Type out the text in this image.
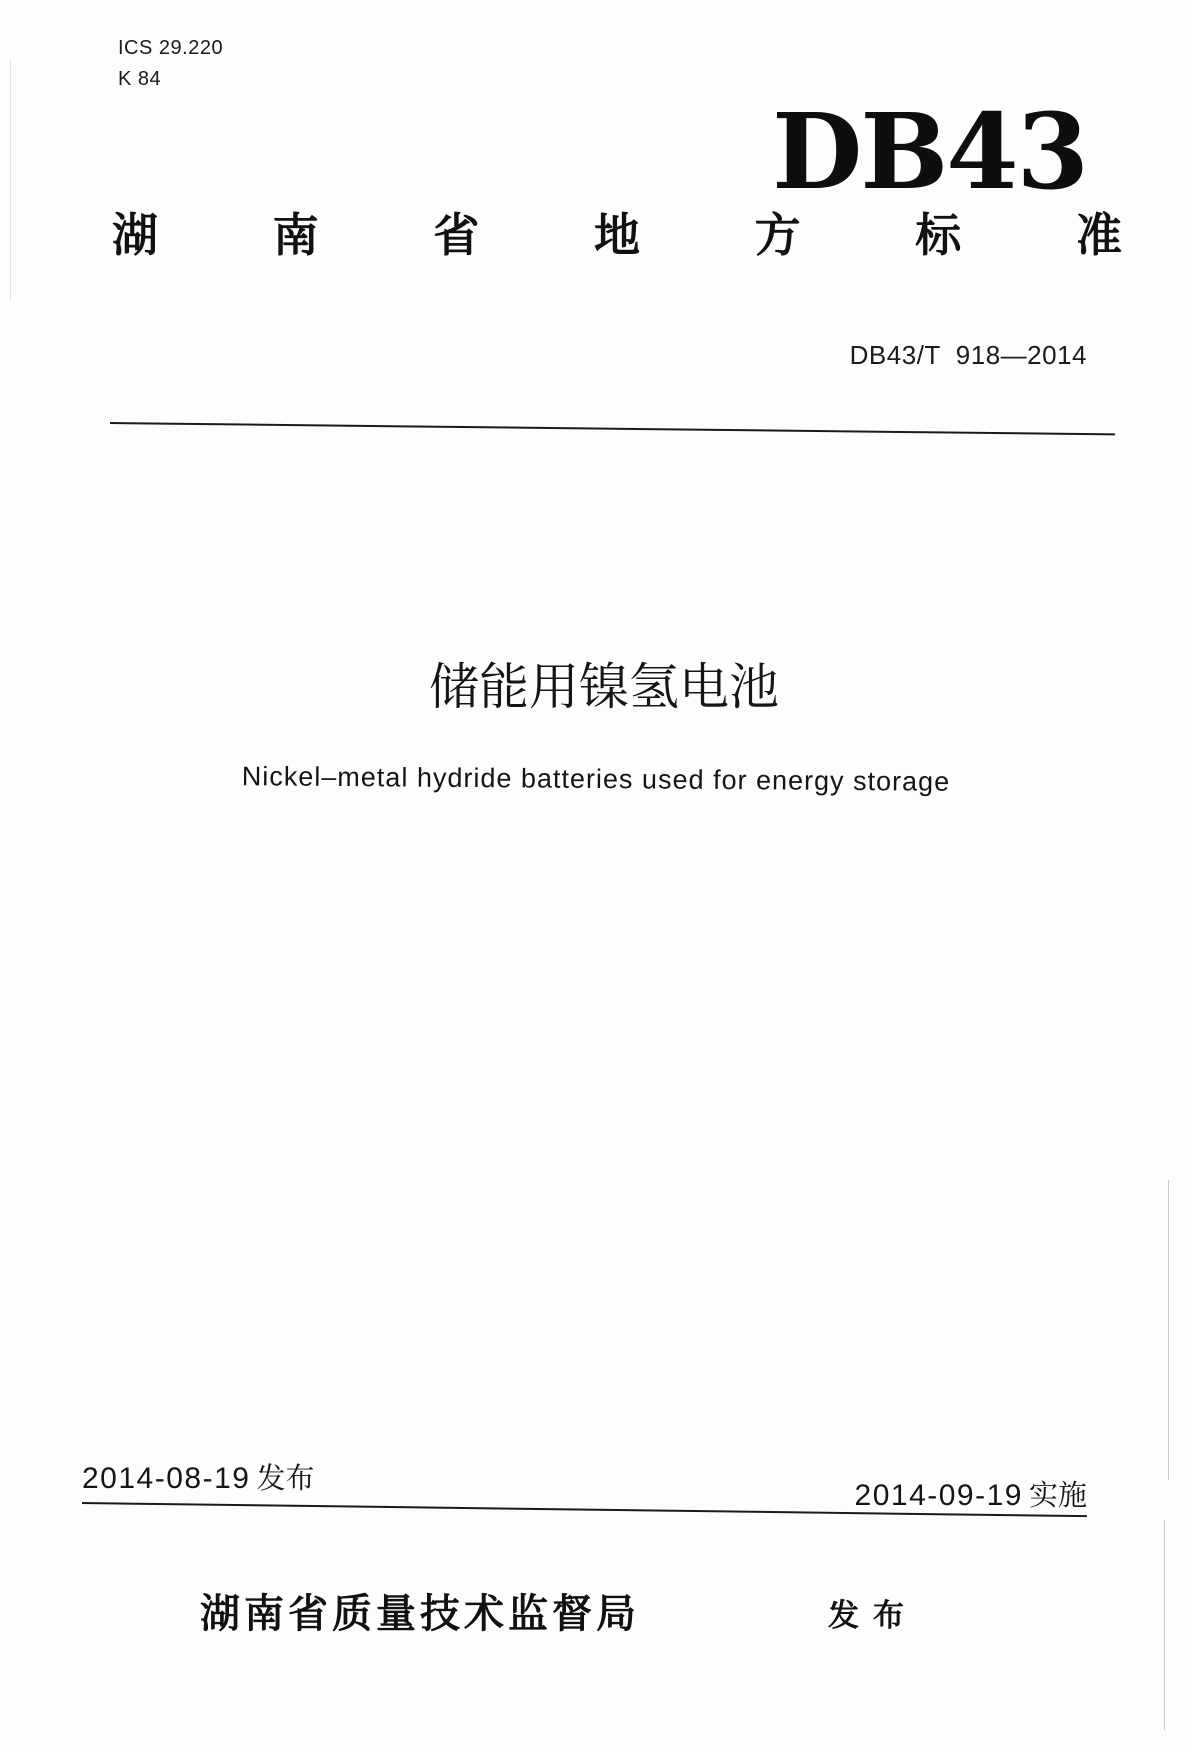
ICS 29.220
K 84
DB43
湖 南 省 地 方 标 准
DB43/T  918—2014
储能用镍氢电池
Nickel–metal hydride batteries used for energy storage
2014-08-19 发布
2014-09-19 实施
湖南省质量技术监督局	发布
